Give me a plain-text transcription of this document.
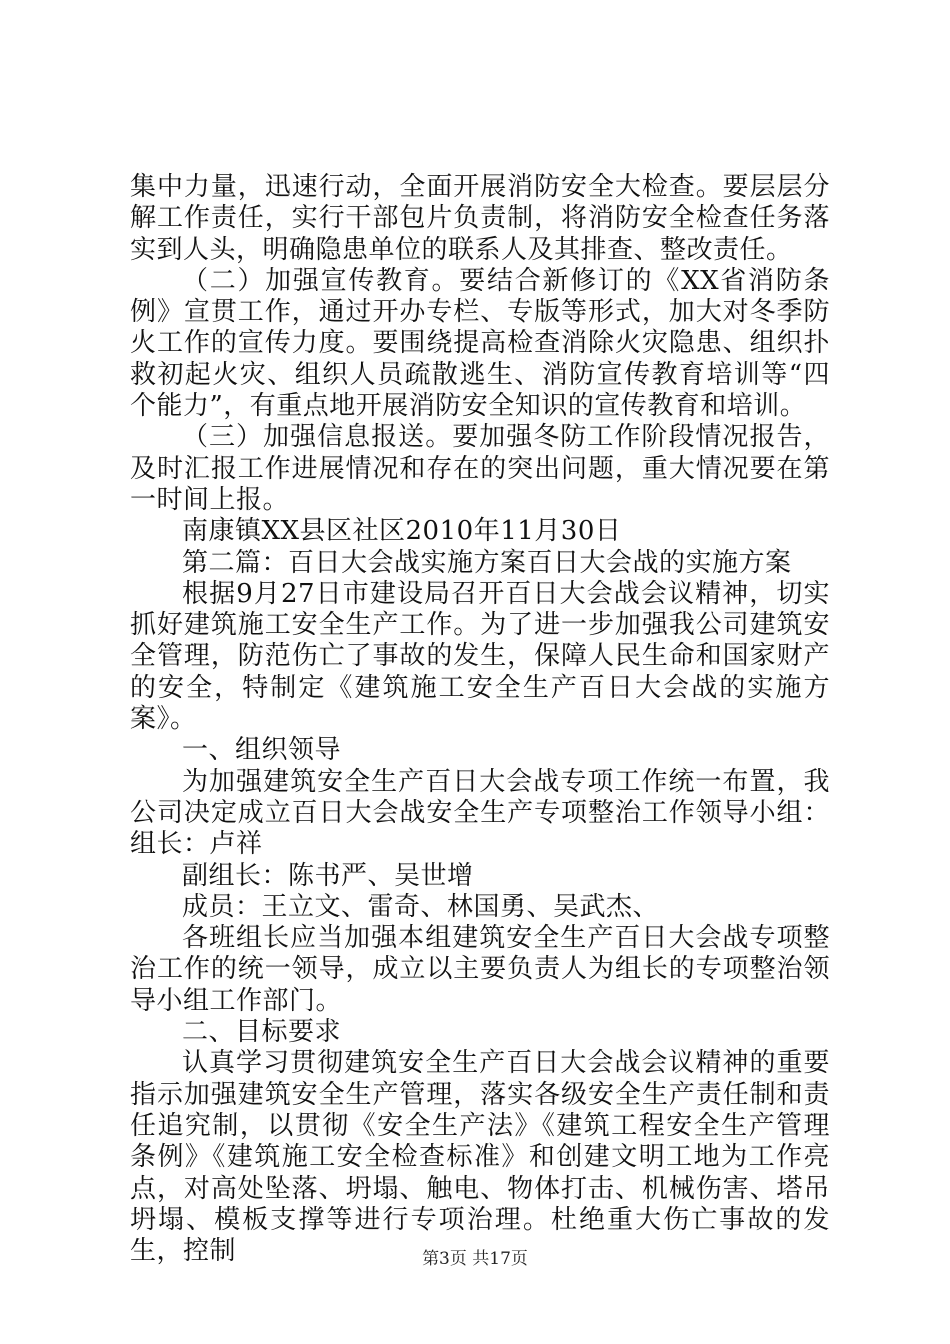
集中力量，迅速行动，全面开展消防安全大检查。要层层分解工作责任，实行干部包片负责制，将消防安全检查任务落实到人头，明确隐患单位的联系人及其排查、整改责任。

（二）加强宣传教育。要结合新修订的《XX省消防条例》宣贯工作，通过开办专栏、专版等形式，加大对冬季防火工作的宣传力度。要围绕提高检查消除火灾隐患、组织扑救初起火灾、组织人员疏散逃生、消防宣传教育培训等“四个能力”，有重点地开展消防安全知识的宣传教育和培训。

（三）加强信息报送。要加强冬防工作阶段情况报告，及时汇报工作进展情况和存在的突出问题，重大情况要在第一时间上报。

南康镇XX县区社区2010年11月30日

第二篇：百日大会战实施方案百日大会战的实施方案

根据9月27日市建设局召开百日大会战会议精神，切实抓好建筑施工安全生产工作。为了进一步加强我公司建筑安全管理，防范伤亡了事故的发生，保障人民生命和国家财产的安全，特制定《建筑施工安全生产百日大会战的实施方案》。

一、组织领导

为加强建筑安全生产百日大会战专项工作统一布置，我公司决定成立百日大会战安全生产专项整治工作领导小组：组长：卢祥

副组长：陈书严、吴世增

成员：王立文、雷奇、林国勇、吴武杰、

各班组长应当加强本组建筑安全生产百日大会战专项整治工作的统一领导，成立以主要负责人为组长的专项整治领导小组工作部门。

二、目标要求

认真学习贯彻建筑安全生产百日大会战会议精神的重要指示加强建筑安全生产管理，落实各级安全生产责任制和责任追究制，以贯彻《安全生产法》《建筑工程安全生产管理条例》《建筑施工安全检查标准》和创建文明工地为工作亮点，对高处坠落、坍塌、触电、物体打击、机械伤害、塔吊坍塌、模板支撑等进行专项治理。杜绝重大伤亡事故的发生，控制	第3页 共17页
